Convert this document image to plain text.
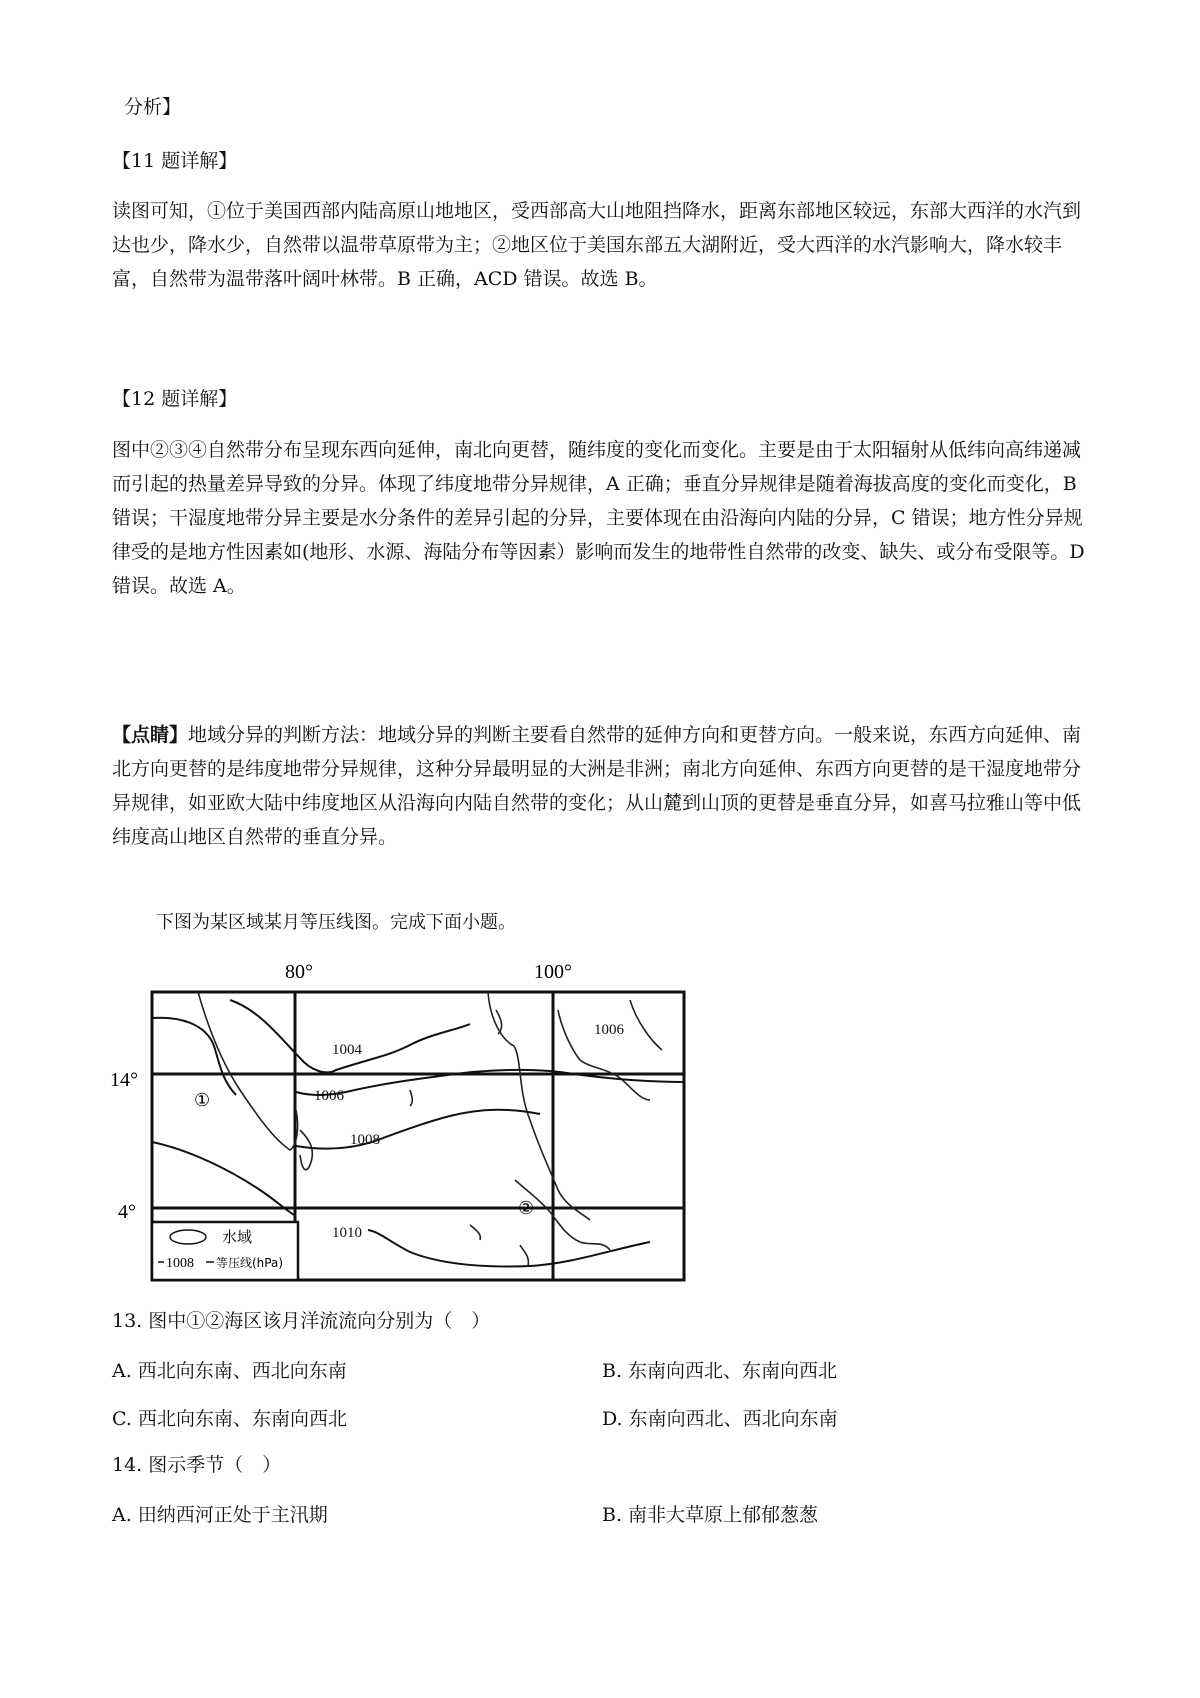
分析】

【11 题详解】

读图可知，①位于美国西部内陆高原山地地区，受西部高大山地阻挡降水，距离东部地区较远，东部大西洋的水汽到达也少，降水少，自然带以温带草原带为主；②地区位于美国东部五大湖附近，受大西洋的水汽影响大，降水较丰富，自然带为温带落叶阔叶林带。B 正确，ACD 错误。故选 B。

【12 题详解】

图中②③④自然带分布呈现东西向延伸，南北向更替，随纬度的变化而变化。主要是由于太阳辐射从低纬向高纬递减而引起的热量差异导致的分异。体现了纬度地带分异规律，A 正确；垂直分异规律是随着海拔高度的变化而变化，B 错误；干湿度地带分异主要是水分条件的差异引起的分异，主要体现在由沿海向内陆的分异，C 错误；地方性分异规律受的是地方性因素如(地形、水源、海陆分布等因素）影响而发生的地带性自然带的改变、缺失、或分布受限等。D 错误。故选 A。

【点睛】地域分异的判断方法：地域分异的判断主要看自然带的延伸方向和更替方向。一般来说，东西方向延伸、南北方向更替的是纬度地带分异规律，这种分异最明显的大洲是非洲；南北方向延伸、东西方向更替的是干湿度地带分异规律，如亚欧大陆中纬度地区从沿海向内陆自然带的变化；从山麓到山顶的更替是垂直分异，如喜马拉雅山等中低纬度高山地区自然带的垂直分异。

下图为某区域某月等压线图。完成下面小题。

80°	100°
14°
4°
1004
1006
1006
1008
1010
①
②
水域
1008 等压线(hPa)

13. 图中①②海区该月洋流流向分别为（　）

A. 西北向东南、西北向东南	B. 东南向西北、东南向西北
C. 西北向东南、东南向西北	D. 东南向西北、西北向东南

14. 图示季节（　）

A. 田纳西河正处于主汛期	B. 南非大草原上郁郁葱葱
